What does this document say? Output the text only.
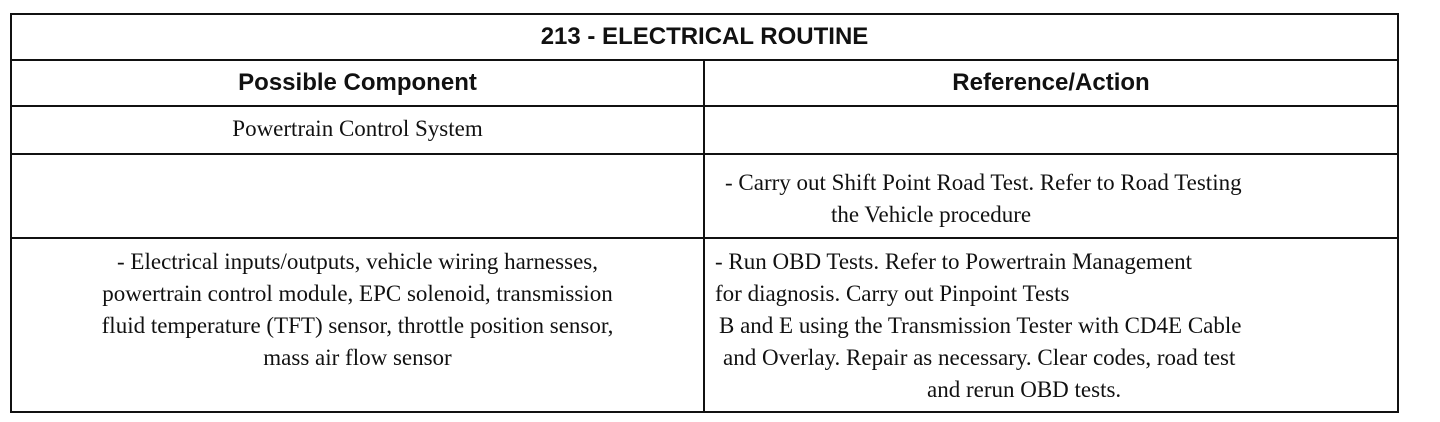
213 - ELECTRICAL ROUTINE
Possible Component	Reference/Action
Powertrain Control System
- Carry out Shift Point Road Test. Refer to Road Testing
the Vehicle procedure
- Electrical inputs/outputs, vehicle wiring harnesses,
powertrain control module, EPC solenoid, transmission
fluid temperature (TFT) sensor, throttle position sensor,
mass air flow sensor
- Run OBD Tests. Refer to Powertrain Management
for diagnosis. Carry out Pinpoint Tests
B and E using the Transmission Tester with CD4E Cable
and Overlay. Repair as necessary. Clear codes, road test
and rerun OBD tests.
